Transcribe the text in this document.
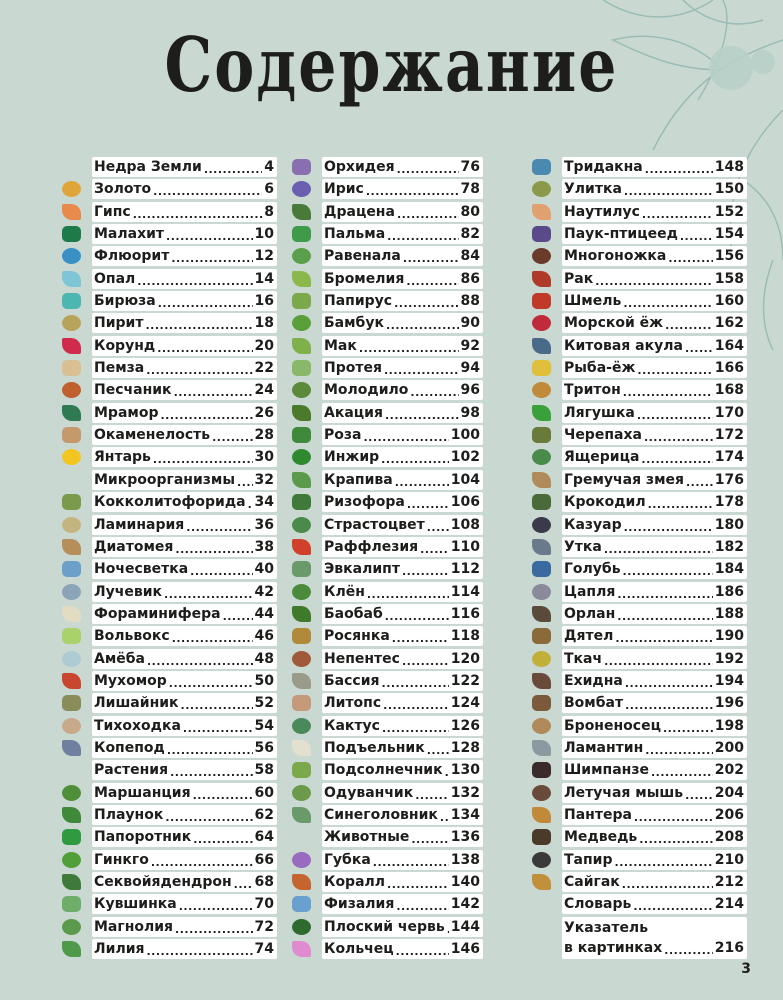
Содержание
Недра Земли .....	4
Золото .....	6
Гипс .....	8
Малахит .....	10
Флюорит .....	12
Опал .....	14
Бирюза .....	16
Пирит .....	18
Корунд .....	20
Пемза .....	22
Песчаник .....	24
Мрамор .....	26
Окаменелость .....	28
Янтарь .....	30
Микроорганизмы ..... 32
Кокколитофорида ..... 34
Ламинария .....	36
Диатомея .....	38
Ночесветка .....	40
Лучевик .....	42
Фораминифера ..... 44
Вольвокс .....	46
Амёба .....	48
Мухомор .....	50
Лишайник .....	52
Тихоходка .....	54
Копепод .....	56
Растения .....	58
Маршанция .....	60
Плаунок .....	62
Папоротник .....	64
Гинкго .....	66
Секвойядендрон ..... 68
Кувшинка .....	70
Магнолия .....	72
Лилия .....	74
Орхидея .....	76
Ирис .....	78
Драцена .....	80
Пальма .....	82
Равенала .....	84
Бромелия .....	86
Папирус .....	88
Бамбук .....	90
Мак .....	92
Протея .....	94
Молодило .....	96
Акация .....	98
Роза .....	100
Инжир .....	102
Крапива .....	104
Ризофора .....	106
Страстоцвет ..... 108
Раффлезия ..... 110
Эвкалипт .....	112
Клён .....	114
Баобаб .....	116
Росянка .....	118
Непентес .....	120
Бассия .....	122
Литопс .....	124
Кактус .....	126
Подъельник ..... 128
Подсолнечник ..... 130
Одуванчик .....	132
Синеголовник ..... 134
Животные .....	136
Губка .....	138
Коралл .....	140
Физалия .....	142
Плоский червь ..... 144
Кольчец .....	146
Тридакна .....	148
Улитка .....	150
Наутилус .....	152
Паук-птицеед .....	154
Многоножка .....	156
Рак .....	158
Шмель .....	160
Морской ёж .....	162
Китовая акула ..... 164
Рыба-ёж .....	166
Тритон .....	168
Лягушка .....	170
Черепаха .....	172
Ящерица .....	174
Гремучая змея ..... 176
Крокодил .....	178
Казуар .....	180
Утка .....	182
Голубь .....	184
Цапля .....	186
Орлан .....	188
Дятел .....	190
Ткач .....	192
Ехидна .....	194
Вомбат .....	196
Броненосец .....	198
Ламантин .....	200
Шимпанзе .....	202
Летучая мышь ..... 204
Пантера .....	206
Медведь .....	208
Тапир .....	210
Сайгак .....	212
Словарь .....	214
Указатель
в картинках .....	216
3
